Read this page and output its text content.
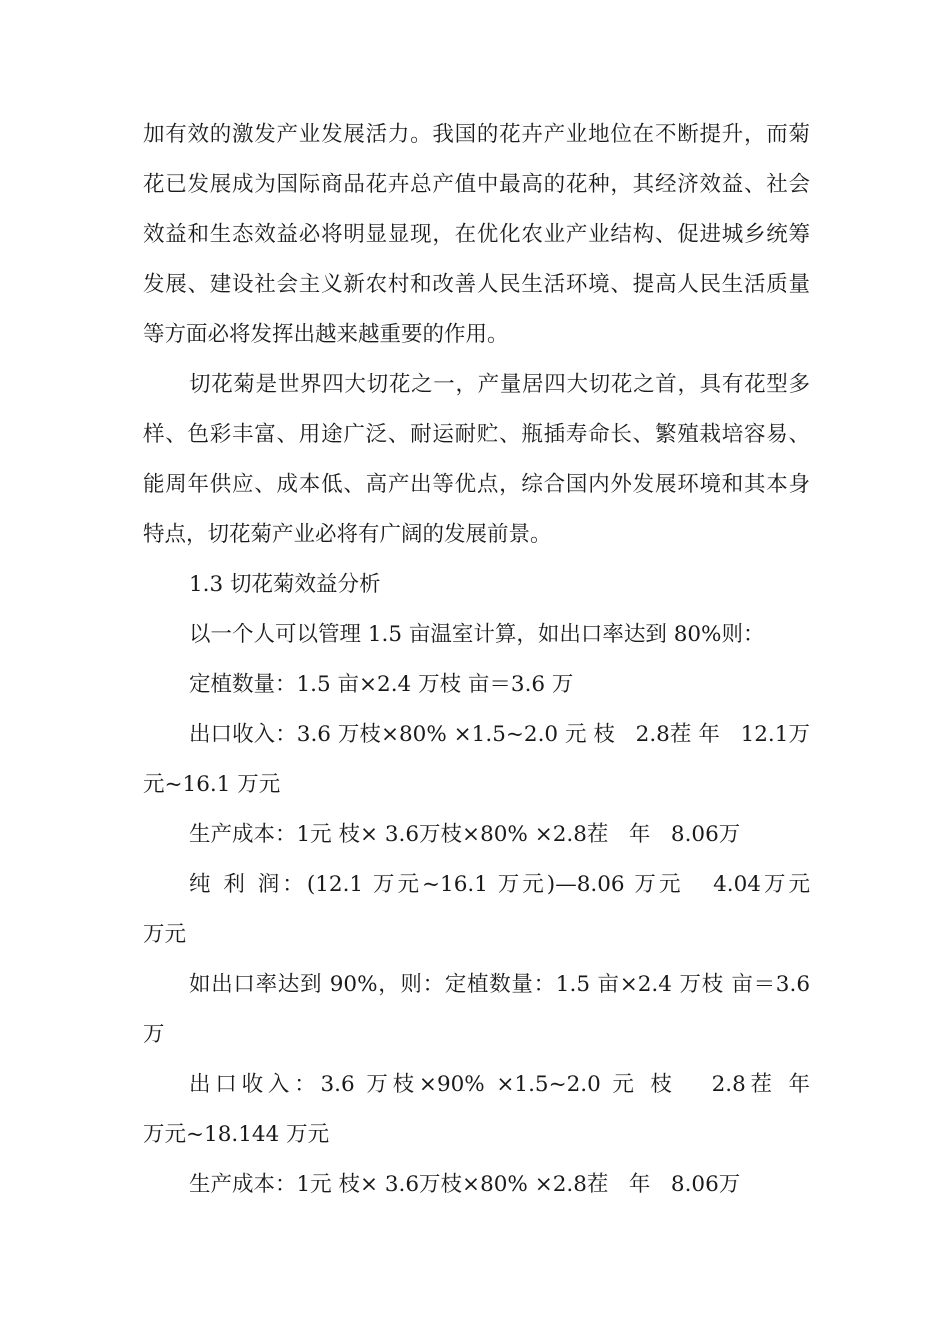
加有效的激发产业发展活力。我国的花卉产业地位在不断提升，而菊
花已发展成为国际商品花卉总产值中最高的花种，其经济效益、社会
效益和生态效益必将明显显现，在优化农业产业结构、促进城乡统筹
发展、建设社会主义新农村和改善人民生活环境、提高人民生活质量
等方面必将发挥出越来越重要的作用。
切花菊是世界四大切花之一，产量居四大切花之首，具有花型多
样、色彩丰富、用途广泛、耐运耐贮、瓶插寿命长、繁殖栽培容易、
能周年供应、成本低、高产出等优点，综合国内外发展环境和其本身
特点，切花菊产业必将有广阔的发展前景。
1.3 切花菊效益分析
以一个人可以管理 1.5 亩温室计算，如出口率达到 80%则：
定植数量：1.5 亩×2.4 万枝 亩＝3.6 万
出口收入：3.6 万枝×80% ×1.5~2.0 元 枝   2.8茬 年   12.1万
元~16.1 万元
生产成本：1元 枝× 3.6万枝×80% ×2.8茬   年   8.06万
纯 利 润：(12.1 万元~16.1 万元)—8.06 万元   4.04万元
万元
如出口率达到 90%，则：定植数量：1.5 亩×2.4 万枝 亩＝3.6
万
出口收入：3.6 万枝×90% ×1.5~2.0 元 枝   2.8茬 年
万元~18.144 万元
生产成本：1元 枝× 3.6万枝×80% ×2.8茬   年   8.06万
